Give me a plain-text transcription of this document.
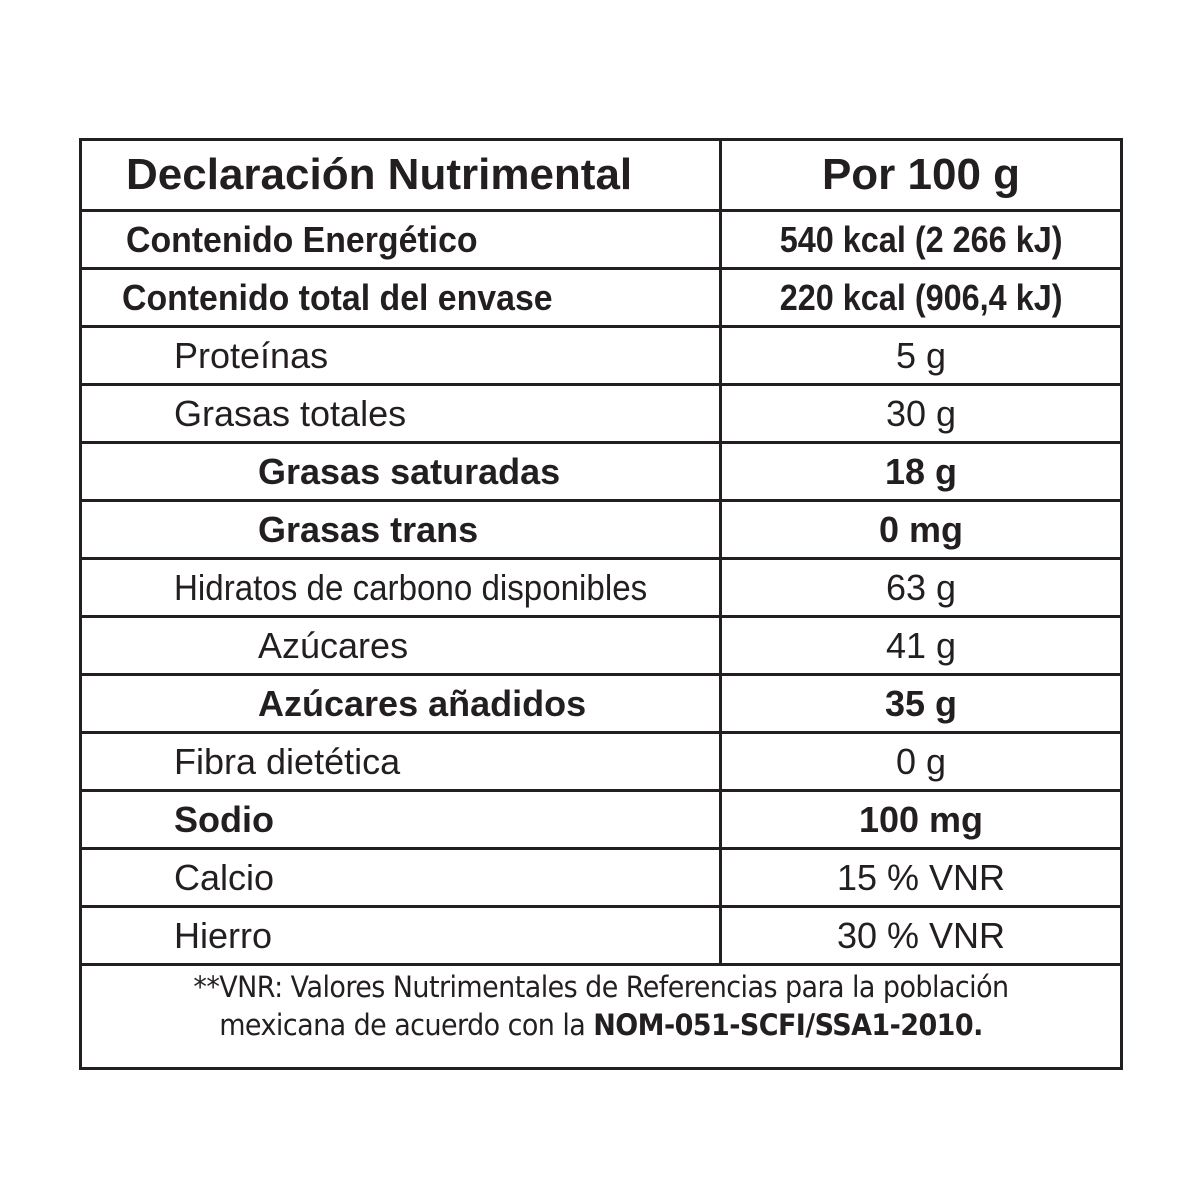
Declaración Nutrimental	Por 100 g
Contenido Energético	540 kcal (2 266 kJ)
Contenido total del envase	220 kcal (906,4 kJ)
Proteínas	5 g
Grasas totales	30 g
Grasas saturadas	18 g
Grasas trans	0 mg
Hidratos de carbono disponibles	63 g
Azúcares	41 g
Azúcares añadidos	35 g
Fibra dietética	0 g
Sodio	100 mg
Calcio	15 % VNR
Hierro	30 % VNR
**VNR: Valores Nutrimentales de Referencias para la población
mexicana de acuerdo con la NOM-051-SCFI/SSA1-2010.
